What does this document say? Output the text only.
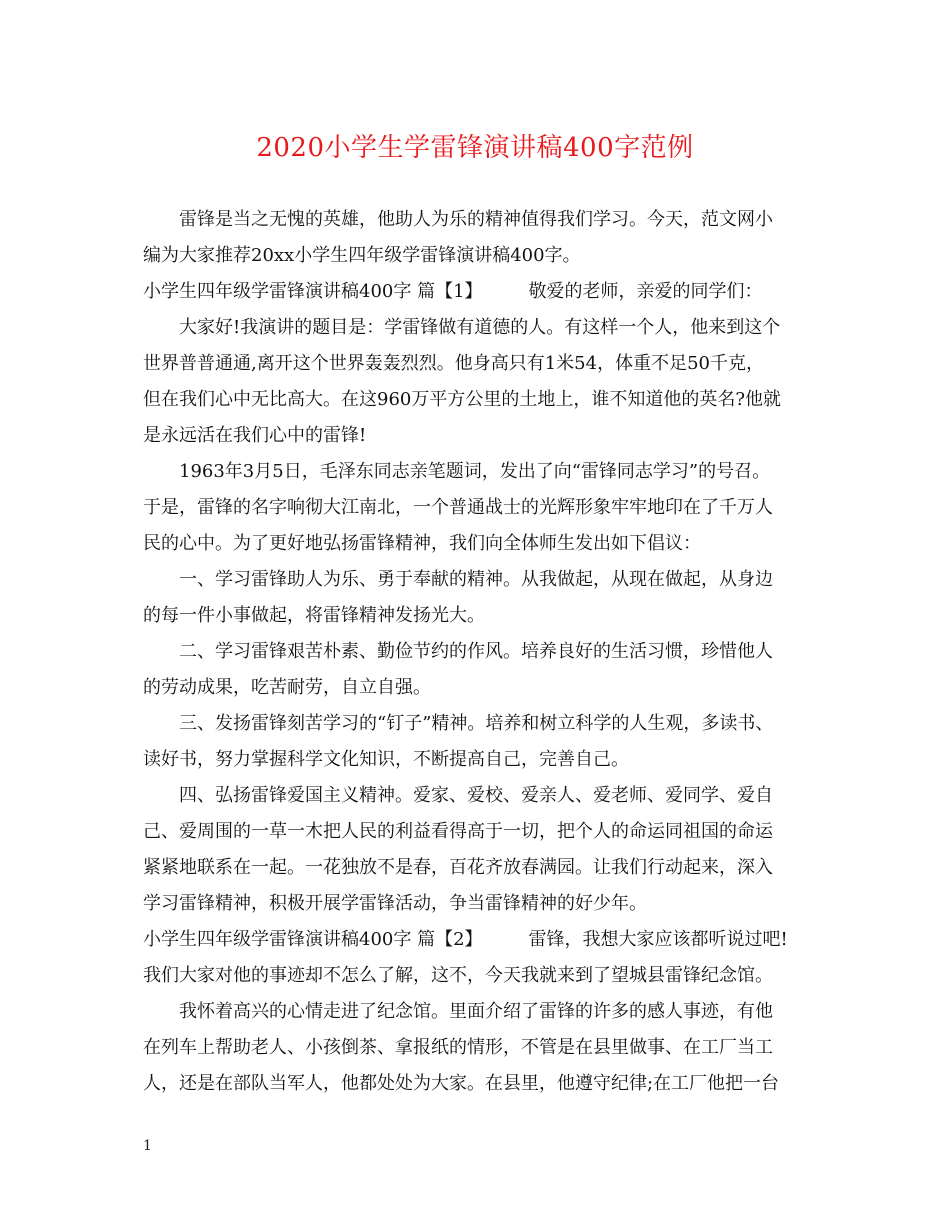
2020小学生学雷锋演讲稿400字范例
雷锋是当之无愧的英雄，他助人为乐的精神值得我们学习。今天，范文网小
编为大家推荐20xx小学生四年级学雷锋演讲稿400字。
小学生四年级学雷锋演讲稿400字 篇【1】	敬爱的老师，亲爱的同学们：
大家好!我演讲的题目是：学雷锋做有道德的人。有这样一个人，他来到这个
世界普普通通,离开这个世界轰轰烈烈。他身高只有1米54，体重不足50千克，
但在我们心中无比高大。在这960万平方公里的土地上，谁不知道他的英名?他就
是永远活在我们心中的雷锋!
1963年3月5日，毛泽东同志亲笔题词，发出了向“雷锋同志学习”的号召。
于是，雷锋的名字响彻大江南北，一个普通战士的光辉形象牢牢地印在了千万人
民的心中。为了更好地弘扬雷锋精神，我们向全体师生发出如下倡议：
一、学习雷锋助人为乐、勇于奉献的精神。从我做起，从现在做起，从身边
的每一件小事做起，将雷锋精神发扬光大。
二、学习雷锋艰苦朴素、勤俭节约的作风。培养良好的生活习惯，珍惜他人
的劳动成果，吃苦耐劳，自立自强。
三、发扬雷锋刻苦学习的“钉子”精神。培养和树立科学的人生观，多读书、
读好书，努力掌握科学文化知识，不断提高自己，完善自己。
四、弘扬雷锋爱国主义精神。爱家、爱校、爱亲人、爱老师、爱同学、爱自
己、爱周围的一草一木把人民的利益看得高于一切，把个人的命运同祖国的命运
紧紧地联系在一起。一花独放不是春，百花齐放春满园。让我们行动起来，深入
学习雷锋精神，积极开展学雷锋活动，争当雷锋精神的好少年。
小学生四年级学雷锋演讲稿400字 篇【2】	雷锋，我想大家应该都听说过吧!
我们大家对他的事迹却不怎么了解，这不，今天我就来到了望城县雷锋纪念馆。
我怀着高兴的心情走进了纪念馆。里面介绍了雷锋的许多的感人事迹，有他
在列车上帮助老人、小孩倒茶、拿报纸的情形，不管是在县里做事、在工厂当工
人，还是在部队当军人，他都处处为大家。在县里，他遵守纪律;在工厂他把一台
1
